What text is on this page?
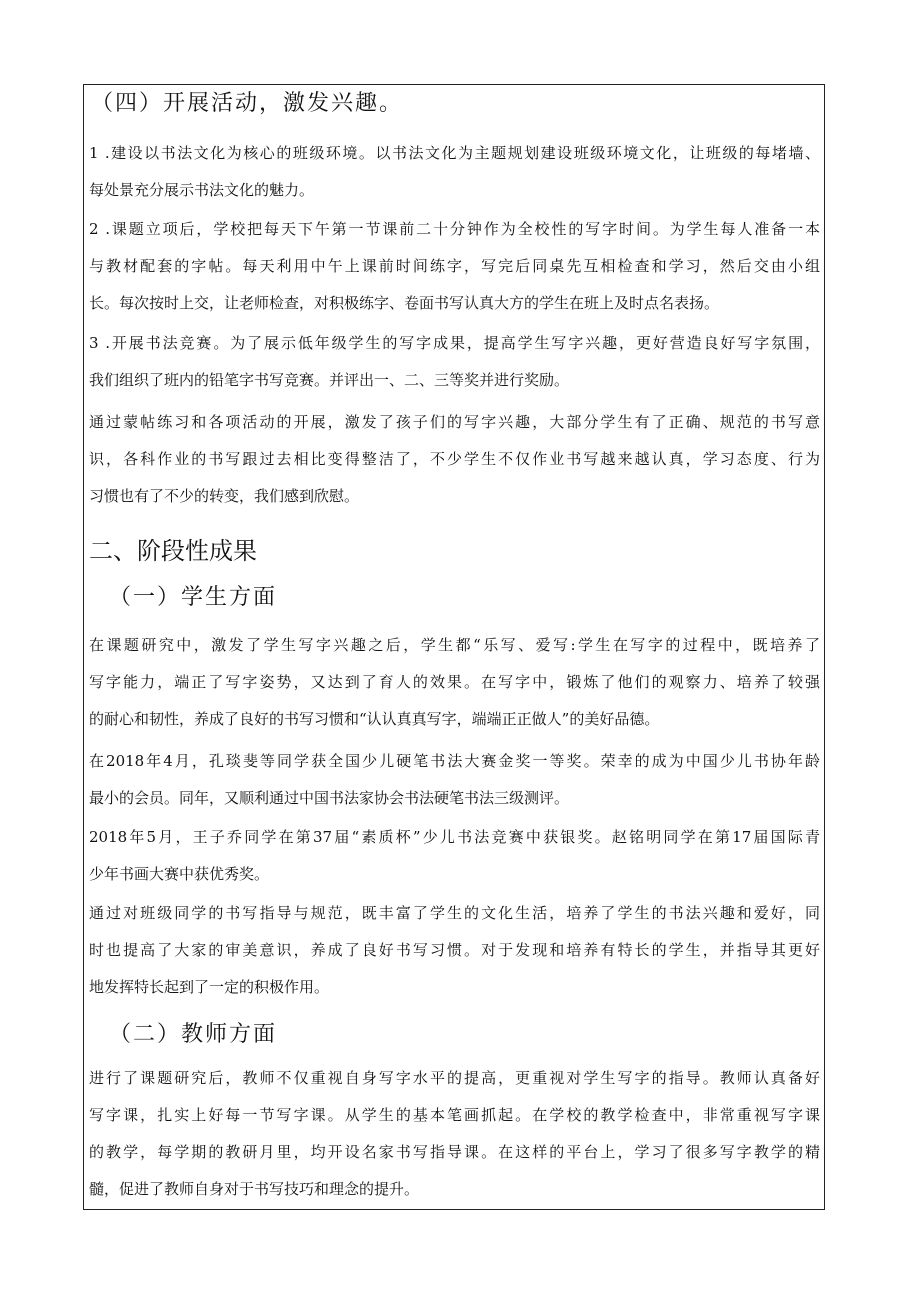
（四）开展活动，激发兴趣。
1 .建设以书法文化为核心的班级环境。以书法文化为主题规划建设班级环境文化，让班级的每堵墙、
每处景充分展示书法文化的魅力。
2 .课题立项后，学校把每天下午第一节课前二十分钟作为全校性的写字时间。为学生每人准备一本
与教材配套的字帖。每天利用中午上课前时间练字，写完后同桌先互相检查和学习，然后交由小组
长。每次按时上交，让老师检查，对积极练字、卷面书写认真大方的学生在班上及时点名表扬。
3 .开展书法竞赛。为了展示低年级学生的写字成果，提高学生写字兴趣，更好营造良好写字氛围，
我们组织了班内的铅笔字书写竞赛。并评出一、二、三等奖并进行奖励。
通过蒙帖练习和各项活动的开展，激发了孩子们的写字兴趣，大部分学生有了正确、规范的书写意
识，各科作业的书写跟过去相比变得整洁了，不少学生不仅作业书写越来越认真，学习态度、行为
习惯也有了不少的转变，我们感到欣慰。
二、阶段性成果
（一）学生方面
在课题研究中，激发了学生写字兴趣之后，学生都“乐写、爱写:学生在写字的过程中，既培养了
写字能力，端正了写字姿势，又达到了育人的效果。在写字中，锻炼了他们的观察力、培养了较强
的耐心和韧性，养成了良好的书写习惯和“认认真真写字，端端正正做人”的美好品德。
在2018年4月，孔琰斐等同学获全国少儿硬笔书法大赛金奖一等奖。荣幸的成为中国少儿书协年龄
最小的会员。同年，又顺利通过中国书法家协会书法硬笔书法三级测评。
2018年5月，王子乔同学在第37届“素质杯”少儿书法竞赛中获银奖。赵铭明同学在第17届国际青
少年书画大赛中获优秀奖。
通过对班级同学的书写指导与规范，既丰富了学生的文化生活，培养了学生的书法兴趣和爱好，同
时也提高了大家的审美意识，养成了良好书写习惯。对于发现和培养有特长的学生，并指导其更好
地发挥特长起到了一定的积极作用。
（二）教师方面
进行了课题研究后，教师不仅重视自身写字水平的提高，更重视对学生写字的指导。教师认真备好
写字课，扎实上好每一节写字课。从学生的基本笔画抓起。在学校的教学检查中，非常重视写字课
的教学，每学期的教研月里，均开设名家书写指导课。在这样的平台上，学习了很多写字教学的精
髓，促进了教师自身对于书写技巧和理念的提升。
